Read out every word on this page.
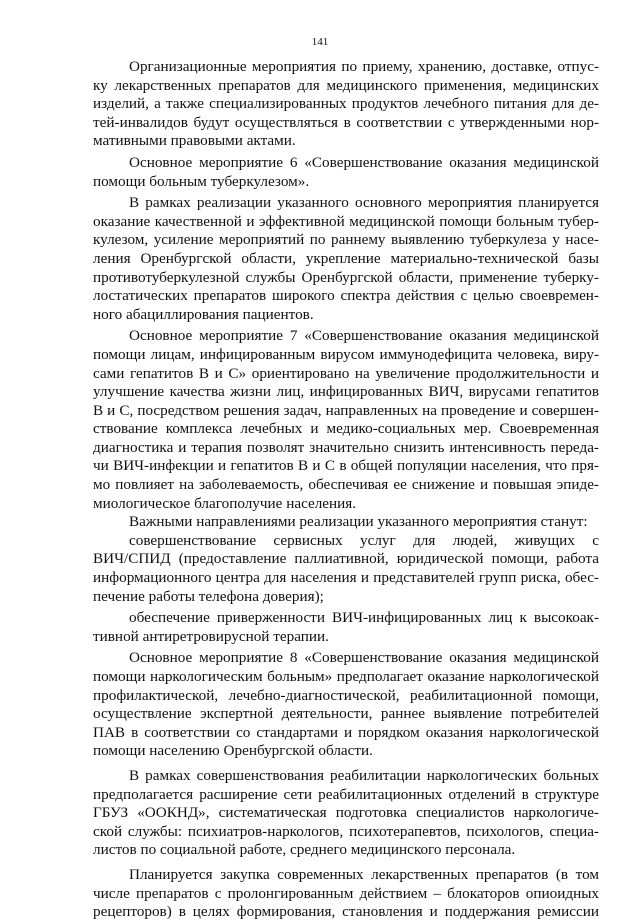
141
Организационные мероприятия по приему, хранению, доставке, отпус-
ку лекарственных препаратов для медицинского применения, медицинских
изделий, а также специализированных продуктов лечебного питания для де-
тей-инвалидов будут осуществляться в соответствии с утвержденными нор-
мативными правовыми актами.
Основное мероприятие 6 «Совершенствование оказания медицинской
помощи больным туберкулезом».
В рамках реализации указанного основного мероприятия планируется
оказание качественной и эффективной медицинской помощи больным тубер-
кулезом, усиление мероприятий по раннему выявлению туберкулеза у насе-
ления Оренбургской области, укрепление материально-технической базы
противотуберкулезной службы Оренбургской области, применение туберку-
лостатических препаратов широкого спектра действия с целью своевремен-
ного абациллирования пациентов.
Основное мероприятие 7 «Совершенствование оказания медицинской
помощи лицам, инфицированным вирусом иммунодефицита человека, виру-
сами гепатитов В и С» ориентировано на увеличение продолжительности и
улучшение качества жизни лиц, инфицированных ВИЧ, вирусами гепатитов
В и С, посредством решения задач, направленных на проведение и совершен-
ствование комплекса лечебных и медико-социальных мер. Своевременная
диагностика и терапия позволят значительно снизить интенсивность переда-
чи ВИЧ-инфекции и гепатитов В и С в общей популяции населения, что пря-
мо повлияет на заболеваемость, обеспечивая ее снижение и повышая эпиде-
миологическое благополучие населения.
Важными направлениями реализации указанного мероприятия станут:
совершенствование сервисных услуг для людей, живущих с
ВИЧ/СПИД (предоставление паллиативной, юридической помощи, работа
информационного центра для населения и представителей групп риска, обес-
печение работы телефона доверия);
обеспечение приверженности ВИЧ-инфицированных лиц к высокоак-
тивной антиретровирусной терапии.
Основное мероприятие 8 «Совершенствование оказания медицинской
помощи наркологическим больным» предполагает оказание наркологической
профилактической, лечебно-диагностической, реабилитационной помощи,
осуществление экспертной деятельности, раннее выявление потребителей
ПАВ в соответствии со стандартами и порядком оказания наркологической
помощи населению Оренбургской области.
В рамках совершенствования реабилитации наркологических больных
предполагается расширение сети реабилитационных отделений в структуре
ГБУЗ «ООКНД», систематическая подготовка специалистов наркологиче-
ской службы: психиатров-наркологов, психотерапевтов, психологов, специа-
листов по социальной работе, среднего медицинского персонала.
Планируется закупка современных лекарственных препаратов (в том
числе препаратов с пролонгированным действием – блокаторов опиоидных
рецепторов) в целях формирования, становления и поддержания ремиссии
